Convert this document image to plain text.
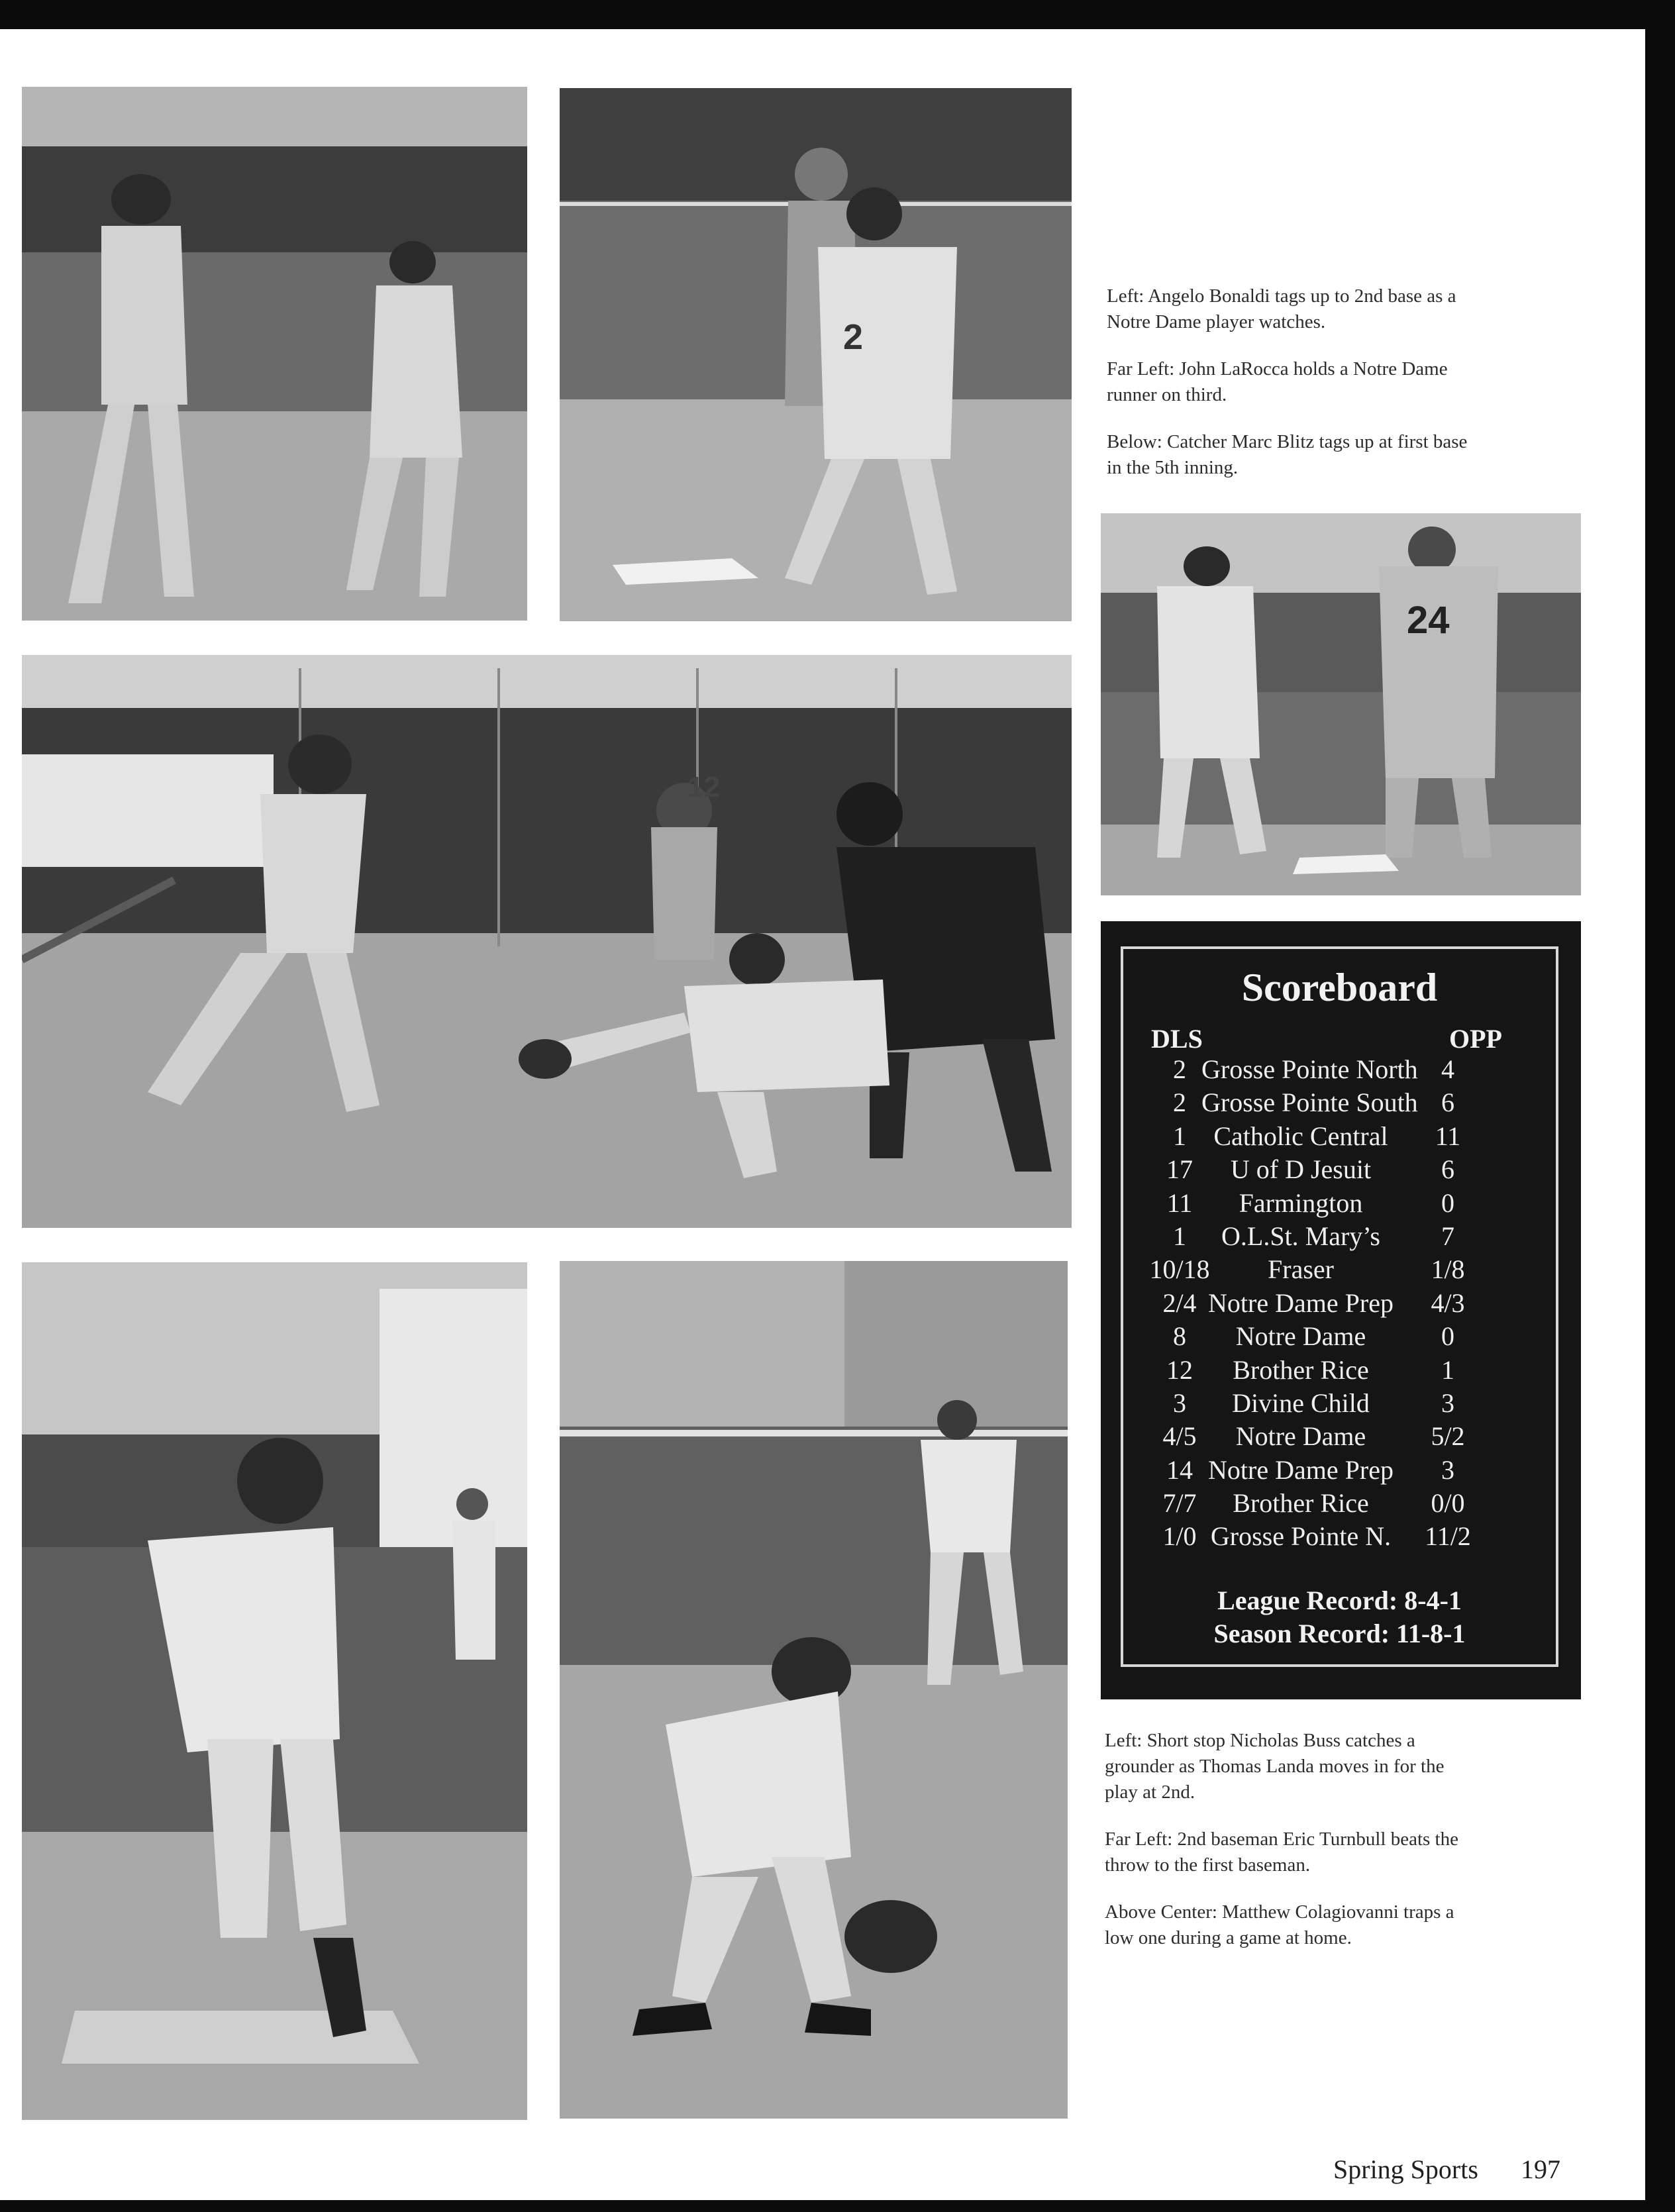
2
24
12

Left: Angelo Bonaldi tags up to 2nd base as a Notre Dame player watches.

Far Left: John LaRocca holds a Notre Dame runner on third.

Below: Catcher Marc Blitz tags up at first base in the 5th inning.

Scoreboard
DLS	OPP
2 Grosse Pointe North 4
2 Grosse Pointe South 6
1	Catholic Central	11
17	U of D Jesuit	6
11	Farmington	0
1	O.L.St. Mary’s	7
10/18	Fraser	1/8
2/4 Notre Dame Prep	4/3
8	Notre Dame	0
12	Brother Rice	1
3	Divine Child	3
4/5	Notre Dame	5/2
14 Notre Dame Prep	3
7/7	Brother Rice	0/0
1/0 Grosse Pointe N.	11/2
League Record: 8-4-1
Season Record: 11-8-1

Left: Short stop Nicholas Buss catches a grounder as Thomas Landa moves in for the play at 2nd.

Far Left: 2nd baseman Eric Turnbull beats the throw to the first baseman.

Above Center: Matthew Colagiovanni traps a low one during a game at home.

Spring Sports 197
